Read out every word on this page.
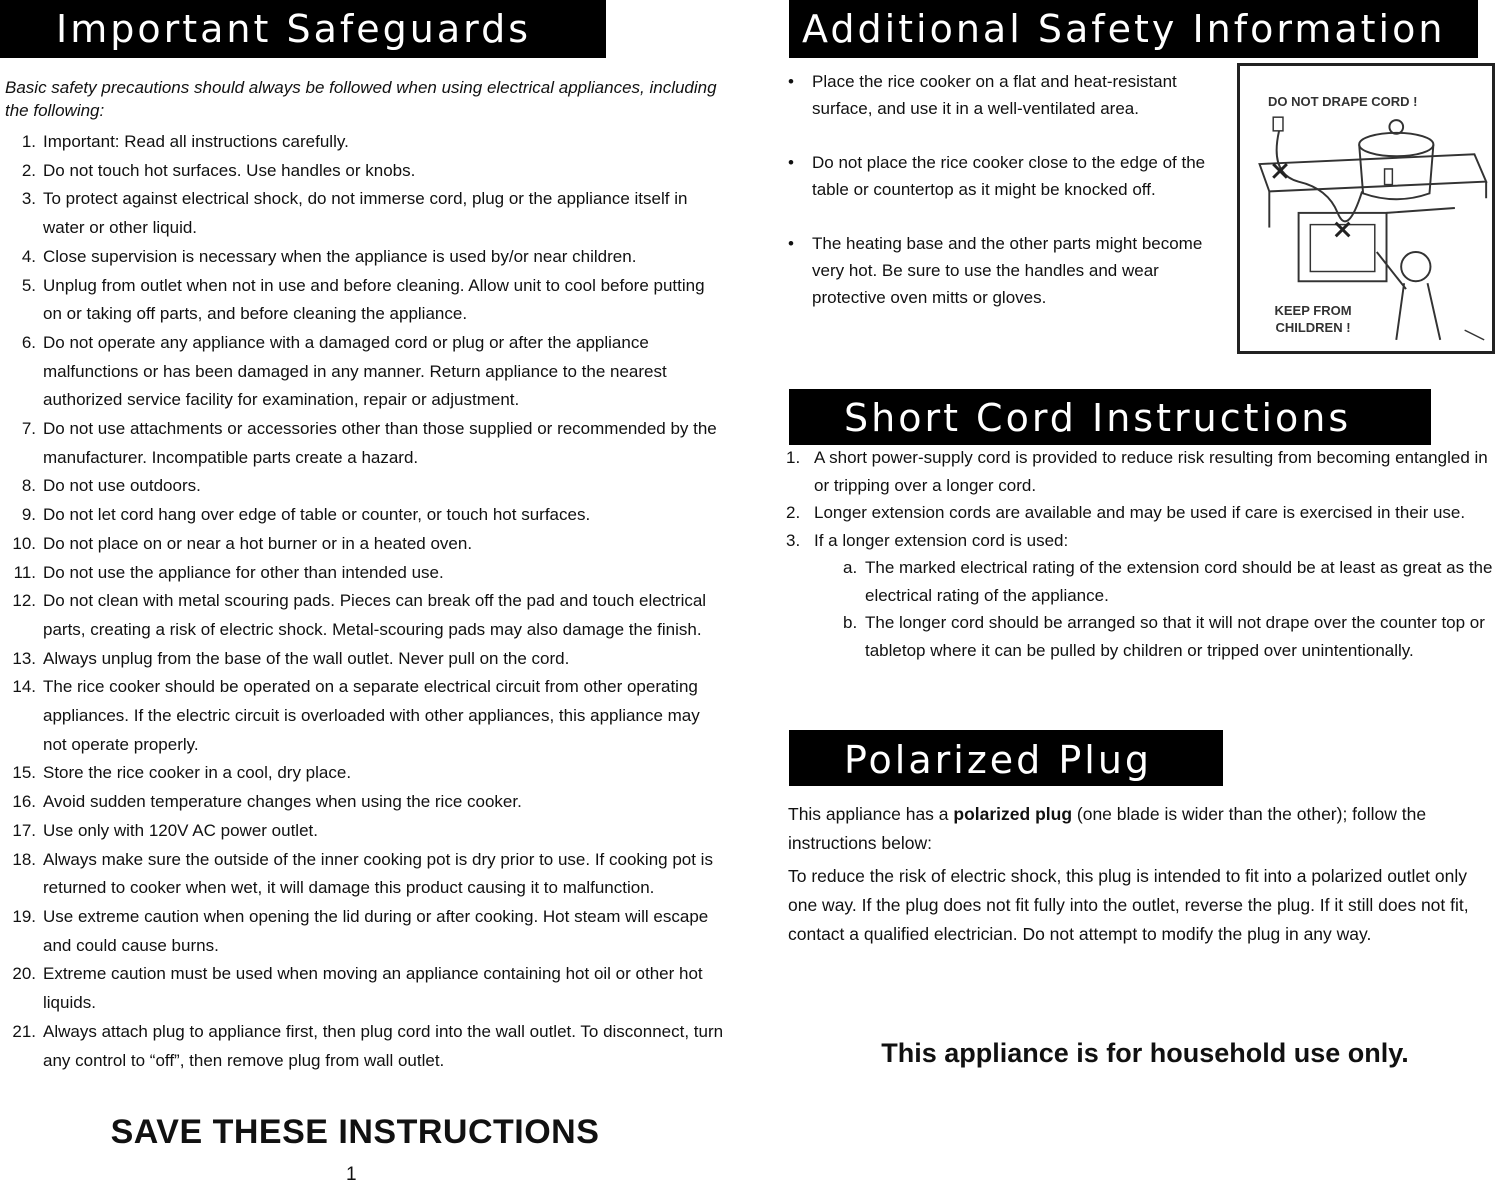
Important Safeguards
Basic safety precautions should always be followed when using electrical appliances, including the following:
1. Important: Read all instructions carefully.
2. Do not touch hot surfaces. Use handles or knobs.
3. To protect against electrical shock, do not immerse cord, plug or the appliance itself in water or other liquid.
4. Close supervision is necessary when the appliance is used by/or near children.
5. Unplug from outlet when not in use and before cleaning. Allow unit to cool before putting on or taking off parts, and before cleaning the appliance.
6. Do not operate any appliance with a damaged cord or plug or after the appliance malfunctions or has been damaged in any manner. Return appliance to the nearest authorized service facility for examination, repair or adjustment.
7. Do not use attachments or accessories other than those supplied or recommended by the manufacturer. Incompatible parts create a hazard.
8. Do not use outdoors.
9. Do not let cord hang over edge of table or counter, or touch hot surfaces.
10. Do not place on or near a hot burner or in a heated oven.
11. Do not use the appliance for other than intended use.
12. Do not clean with metal scouring pads. Pieces can break off the pad and touch electrical parts, creating a risk of electric shock. Metal-scouring pads may also damage the finish.
13. Always unplug from the base of the wall outlet. Never pull on the cord.
14. The rice cooker should be operated on a separate electrical circuit from other operating appliances. If the electric circuit is overloaded with other appliances, this appliance may not operate properly.
15. Store the rice cooker in a cool, dry place.
16. Avoid sudden temperature changes when using the rice cooker.
17. Use only with 120V AC power outlet.
18. Always make sure the outside of the inner cooking pot is dry prior to use. If cooking pot is returned to cooker when wet, it will damage this product causing it to malfunction.
19. Use extreme caution when opening the lid during or after cooking. Hot steam will escape and could cause burns.
20. Extreme caution must be used when moving an appliance containing hot oil or other hot liquids.
21. Always attach plug to appliance first, then plug cord into the wall outlet. To disconnect, turn any control to “off”, then remove plug from wall outlet.
SAVE THESE INSTRUCTIONS
1
Additional Safety Information
• Place the rice cooker on a flat and heat-resistant surface, and use it in a well-ventilated area.
• Do not place the rice cooker close to the edge of the table or countertop as it might be knocked off.
• The heating base and the other parts might become very hot. Be sure to use the handles and wear protective oven mitts or gloves.
DO NOT DRAPE CORD !
KEEP FROM CHILDREN !
Short Cord Instructions
1. A short power-supply cord is provided to reduce risk resulting from becoming entangled in or tripping over a longer cord.
2. Longer extension cords are available and may be used if care is exercised in their use.
3. If a longer extension cord is used:
a. The marked electrical rating of the extension cord should be at least as great as the electrical rating of the appliance.
b. The longer cord should be arranged so that it will not drape over the counter top or tabletop where it can be pulled by children or tripped over unintentionally.
Polarized Plug
This appliance has a polarized plug (one blade is wider than the other); follow the instructions below:
To reduce the risk of electric shock, this plug is intended to fit into a polarized outlet only one way. If the plug does not fit fully into the outlet, reverse the plug. If it still does not fit, contact a qualified electrician. Do not attempt to modify the plug in any way.
This appliance is for household use only.
